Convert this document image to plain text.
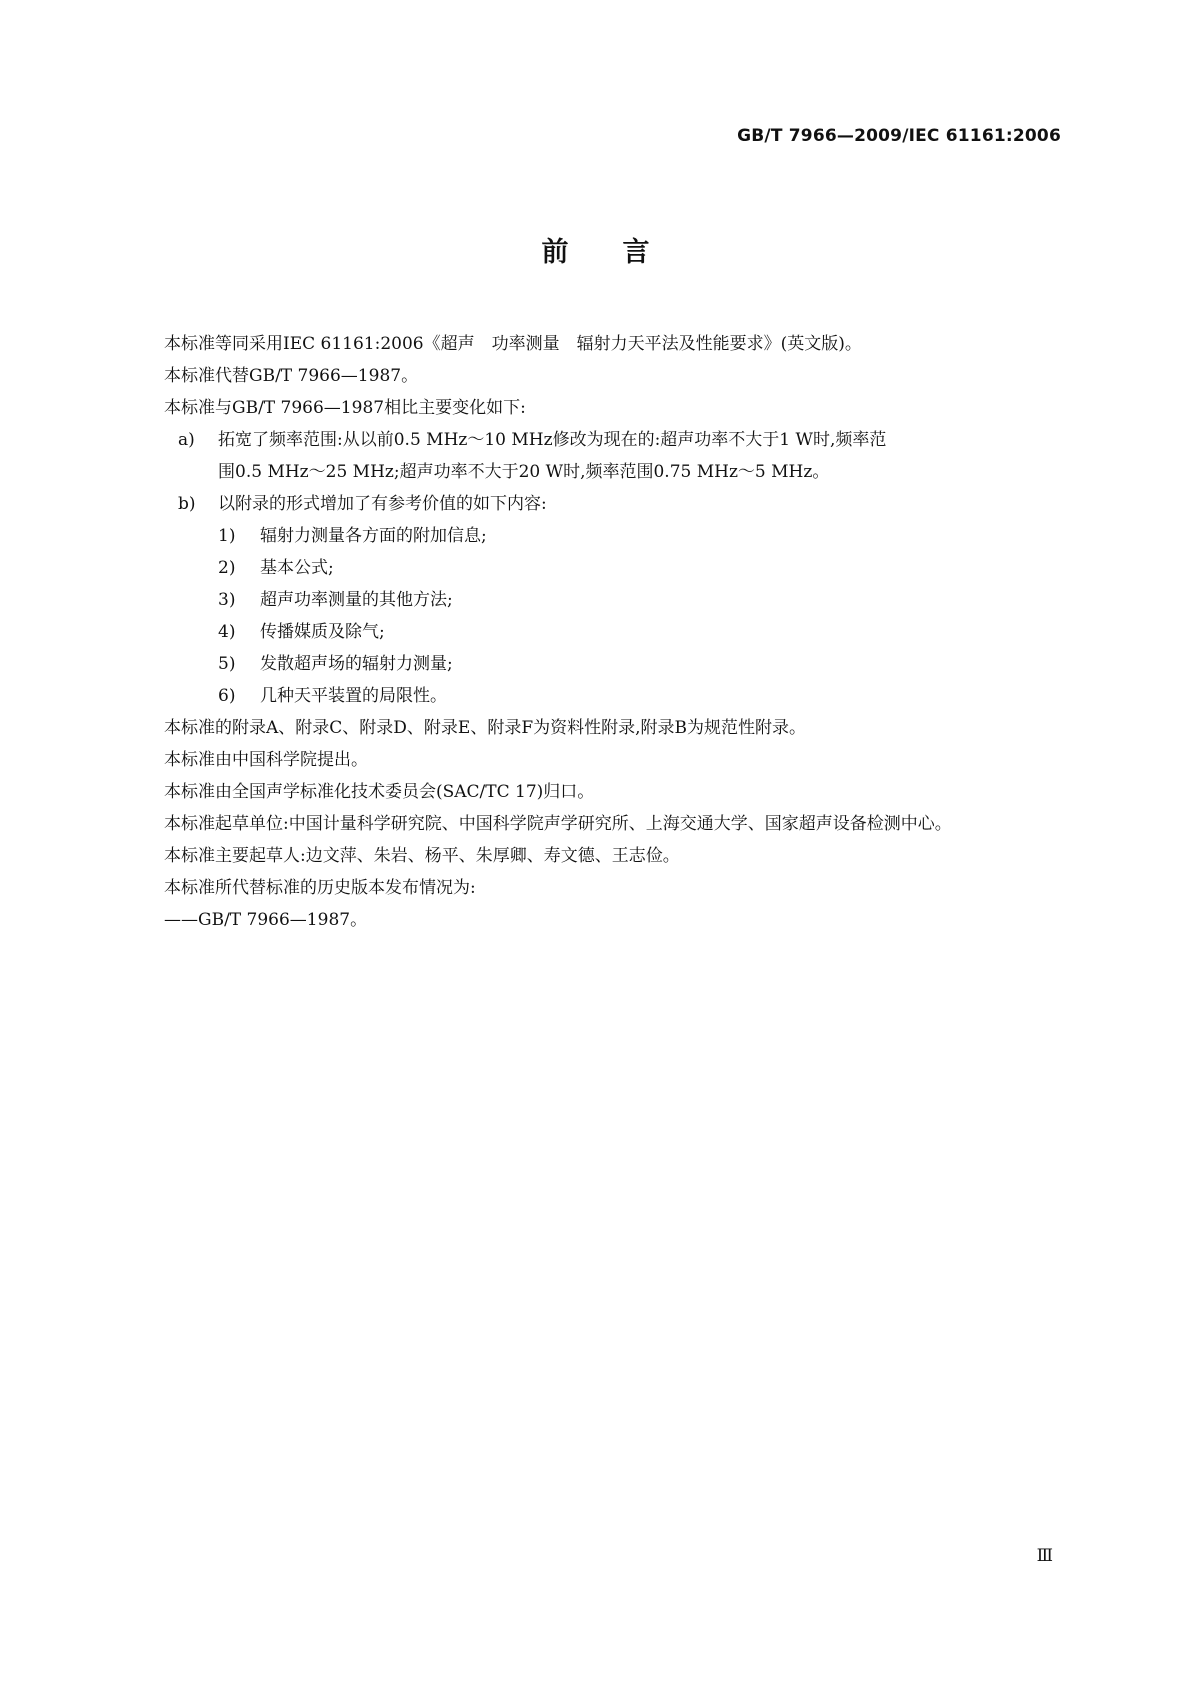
GB/T 7966—2009/IEC 61161:2006
前言

本标准等同采用IEC 61161:2006《超声　功率测量　辐射力天平法及性能要求》(英文版)。

本标准代替GB/T 7966—1987。

本标准与GB/T 7966—1987相比主要变化如下:

a) 拓宽了频率范围:从以前0.5 MHz～10 MHz修改为现在的:超声功率不大于1 W时,频率范

围0.5 MHz～25 MHz;超声功率不大于20 W时,频率范围0.75 MHz～5 MHz。

b) 以附录的形式增加了有参考价值的如下内容:

1) 辐射力测量各方面的附加信息;

2) 基本公式;

3) 超声功率测量的其他方法;

4) 传播媒质及除气;

5) 发散超声场的辐射力测量;

6) 几种天平装置的局限性。

本标准的附录A、附录C、附录D、附录E、附录F为资料性附录,附录B为规范性附录。

本标准由中国科学院提出。

本标准由全国声学标准化技术委员会(SAC/TC 17)归口。

本标准起草单位:中国计量科学研究院、中国科学院声学研究所、上海交通大学、国家超声设备检测中心。

本标准主要起草人:边文萍、朱岩、杨平、朱厚卿、寿文德、王志俭。

本标准所代替标准的历史版本发布情况为:

——GB/T 7966—1987。

Ⅲ
